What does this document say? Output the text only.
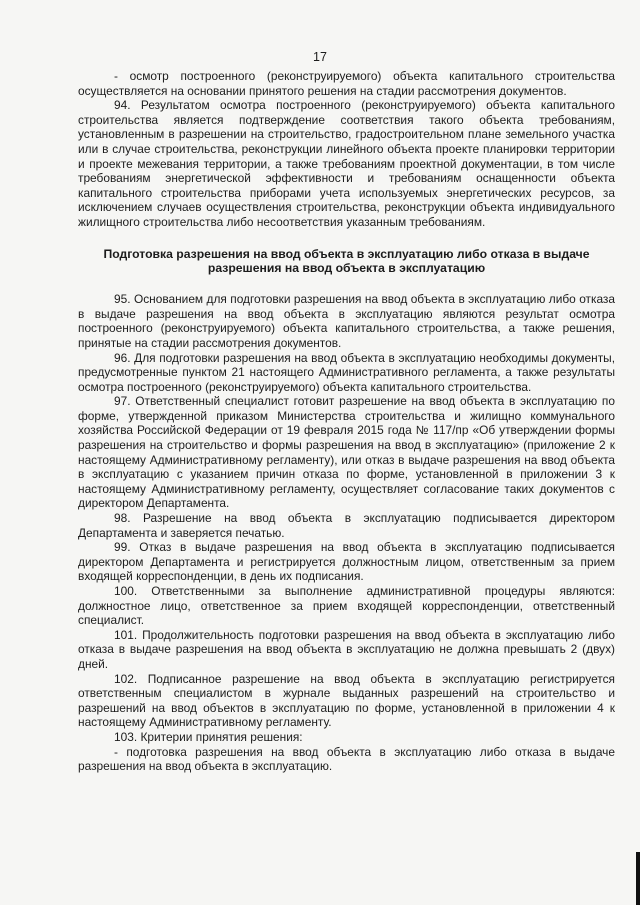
17

- осмотр построенного (реконструируемого) объекта капитального строительства осуществляется на основании принятого решения на стадии рассмотрения документов.

94. Результатом осмотра построенного (реконструируемого) объекта капитального строительства является подтверждение соответствия такого объекта требованиям, установленным в разрешении на строительство, градостроительном плане земельного участка или в случае строительства, реконструкции линейного объекта проекте планировки территории и проекте межевания территории, а также требованиям проектной документации, в том числе требованиям энергетической эффективности и требованиям оснащенности объекта капитального строительства приборами учета используемых энергетических ресурсов, за исключением случаев осуществления строительства, реконструкции объекта индивидуального жилищного строительства либо несоответствия указанным требованиям.

Подготовка разрешения на ввод объекта в эксплуатацию либо отказа в выдаче разрешения на ввод объекта в эксплуатацию

95. Основанием для подготовки разрешения на ввод объекта в эксплуатацию либо отказа в выдаче разрешения на ввод объекта в эксплуатацию являются результат осмотра построенного (реконструируемого) объекта капитального строительства, а также решения, принятые на стадии рассмотрения документов.

96. Для подготовки разрешения на ввод объекта в эксплуатацию необходимы документы, предусмотренные пунктом 21 настоящего Административного регламента, а также результаты осмотра построенного (реконструируемого) объекта капитального строительства.

97. Ответственный специалист готовит разрешение на ввод объекта в эксплуатацию по форме, утвержденной приказом Министерства строительства и жилищно коммунального хозяйства Российской Федерации от 19 февраля 2015 года № 117/пр «Об утверждении формы разрешения на строительство и формы разрешения на ввод в эксплуатацию» (приложение 2 к настоящему Административному регламенту), или отказ в выдаче разрешения на ввод объекта в эксплуатацию с указанием причин отказа по форме, установленной в приложении 3 к настоящему Административному регламенту, осуществляет согласование таких документов с директором Департамента.

98. Разрешение на ввод объекта в эксплуатацию подписывается директором Департамента и заверяется печатью.

99. Отказ в выдаче разрешения на ввод объекта в эксплуатацию подписывается директором Департамента и регистрируется должностным лицом, ответственным за прием входящей корреспонденции, в день их подписания.

100. Ответственными за выполнение административной процедуры являются: должностное лицо, ответственное за прием входящей корреспонденции, ответственный специалист.

101. Продолжительность подготовки разрешения на ввод объекта в эксплуатацию либо отказа в выдаче разрешения на ввод объекта в эксплуатацию не должна превышать 2 (двух) дней.

102. Подписанное разрешение на ввод объекта в эксплуатацию регистрируется ответственным специалистом в журнале выданных разрешений на строительство и разрешений на ввод объектов в эксплуатацию по форме, установленной в приложении 4 к настоящему Административному регламенту.

103. Критерии принятия решения:

- подготовка разрешения на ввод объекта в эксплуатацию либо отказа в выдаче разрешения на ввод объекта в эксплуатацию.
